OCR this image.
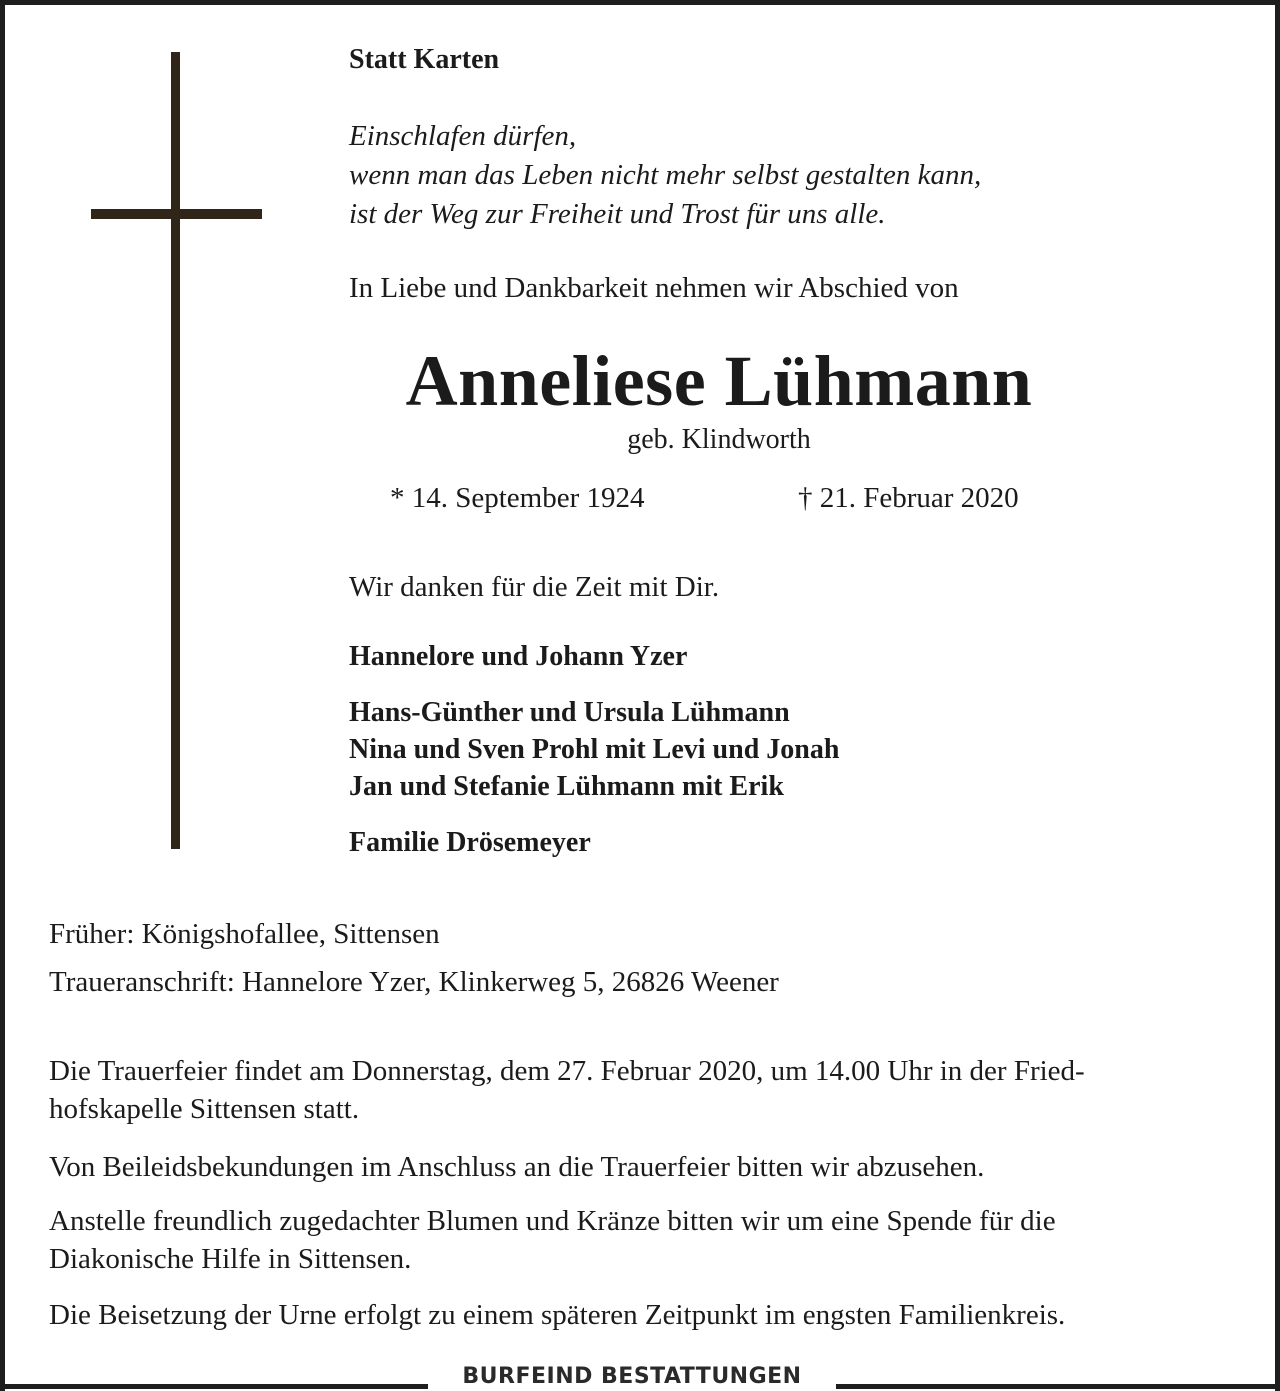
Statt Karten

Einschlafen dürfen,
wenn man das Leben nicht mehr selbst gestalten kann,
ist der Weg zur Freiheit und Trost für uns alle.

In Liebe und Dankbarkeit nehmen wir Abschied von

Anneliese Lühmann

geb. Klindworth

* 14. September 1924	† 21. Februar 2020

Wir danken für die Zeit mit Dir.

Hannelore und Johann Yzer
Hans-Günther und Ursula Lühmann
Nina und Sven Prohl mit Levi und Jonah
Jan und Stefanie Lühmann mit Erik
Familie Drösemeyer
Früher: Königshofallee, Sittensen
Traueranschrift: Hannelore Yzer, Klinkerweg 5, 26826 Weener
Die Trauerfeier findet am Donnerstag, dem 27. Februar 2020, um 14.00 Uhr in der Fried-
hofskapelle Sittensen statt.

Von Beileidsbekundungen im Anschluss an die Trauerfeier bitten wir abzusehen.

Anstelle freundlich zugedachter Blumen und Kränze bitten wir um eine Spende für die
Diakonische Hilfe in Sittensen.

Die Beisetzung der Urne erfolgt zu einem späteren Zeitpunkt im engsten Familienkreis.

BURFEIND BESTATTUNGEN
